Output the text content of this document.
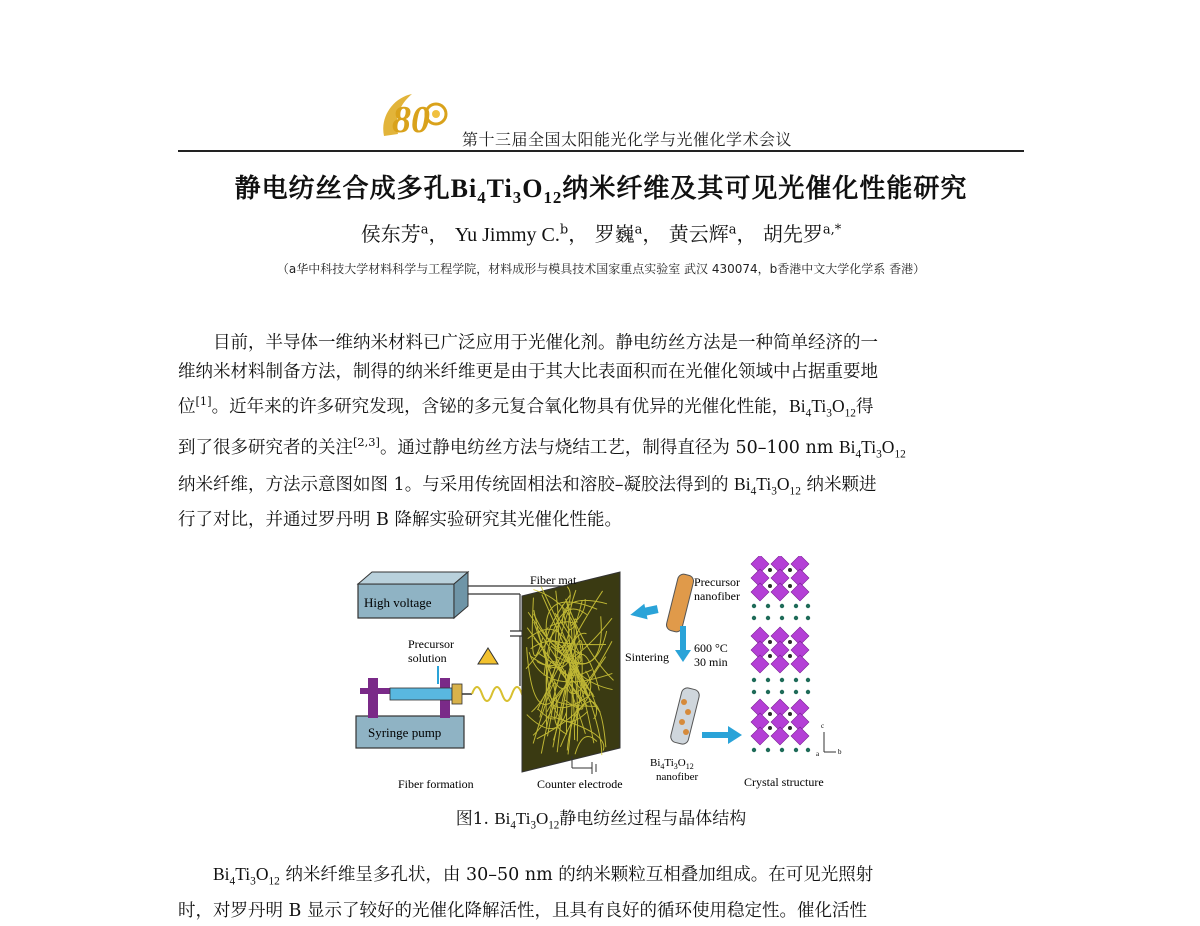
80 第十三届全国太阳能光化学与光催化学术会议
静电纺丝合成多孔$Bi_4Ti_3O_{12}$纳米纤维及其可见光催化性能研究
侯东芳$^a$， Yu Jimmy C.$^b$， 罗巍$^a$， 黄云辉$^a$， 胡先罗$^{a,*}$
（a华中科技大学材料科学与工程学院，材料成形与模具技术国家重点实验室 武汉 430074，b香港中文大学化学系 香港）
目前，半导体一维纳米材料已广泛应用于光催化剂。静电纺丝方法是一种简单经济的一
维纳米材料制备方法，制得的纳米纤维更是由于其大比表面积而在光催化领域中占据重要地
位[1]。近年来的许多研究发现，含铋的多元复合氧化物具有优异的光催化性能，$Bi_4Ti_3O_{12}$得
到了很多研究者的关注[2,3]。通过静电纺丝方法与烧结工艺，制得直径为 50–100 nm $Bi_4Ti_3O_{12}$
纳米纤维，方法示意图如图 1。与采用传统固相法和溶胶–凝胶法得到的 $Bi_4Ti_3O_{12}$ 纳米颗进
行了对比，并通过罗丹明 B 降解实验研究其光催化性能。
High voltage
Precursor
solution
Syringe pump
Fiber mat
Fiber formation	Counter electrode
Precursor
nanofiber
Sintering
600 °C
30 min
$Bi_4Ti_3O_{12}$
nanofiber	Crystal structure
c
a	b
图1. $Bi_4Ti_3O_{12}$静电纺丝过程与晶体结构
$Bi_4Ti_3O_{12}$ 纳米纤维呈多孔状，由 30–50 nm 的纳米颗粒互相叠加组成。在可见光照射
时，对罗丹明 B 显示了较好的光催化降解活性，且具有良好的循环使用稳定性。催化活性
